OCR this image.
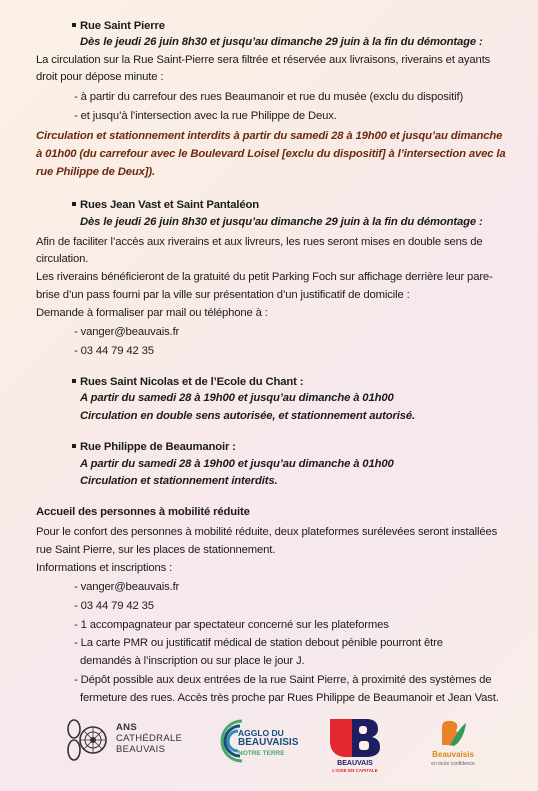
Rue Saint Pierre
Dès le jeudi 26 juin 8h30 et jusqu’au dimanche 29 juin à la fin du démontage :
La circulation sur la Rue Saint-Pierre sera filtrée et réservée aux livraisons, riverains et ayants
droit pour dépose minute :
- à partir du carrefour des rues Beaumanoir et rue du musée (exclu du dispositif)
- et jusqu’à l’intersection avec la rue Philippe de Deux.
Circulation et stationnement interdits à partir du samedi 28 à 19h00 et jusqu’au dimanche
à 01h00 (du carrefour avec le Boulevard Loisel [exclu du dispositif] à l’intersection avec la
rue Philippe de Deux]).
Rues Jean Vast et Saint Pantaléon
Dès le jeudi 26 juin 8h30 et jusqu’au dimanche 29 juin à la fin du démontage :
Afin de faciliter l’accès aux riverains et aux livreurs, les rues seront mises en double sens de
circulation.
Les riverains bénéficieront de la gratuité du petit Parking Foch sur affichage derrière leur pare-
brise d’un pass fourni par la ville sur présentation d’un justificatif de domicile :
Demande à formaliser par mail ou téléphone à :
- vanger@beauvais.fr
- 03 44 79 42 35
Rues Saint Nicolas et de l’Ecole du Chant :
A partir du samedi 28 à 19h00 et jusqu’au dimanche à 01h00
Circulation en double sens autorisée, et stationnement autorisé.
Rue Philippe de Beaumanoir :
A partir du samedi 28 à 19h00 et jusqu’au dimanche à 01h00
Circulation et stationnement interdits.
Accueil des personnes à mobilité réduite
Pour le confort des personnes à mobilité réduite, deux plateformes surélevées seront installées
rue Saint Pierre, sur les places de stationnement.
Informations et inscriptions :
- vanger@beauvais.fr
- 03 44 79 42 35
- 1 accompagnateur par spectateur concerné sur les plateformes
- La carte PMR ou justificatif médical de station debout pénible pourront être
demandés à l’inscription ou sur place le jour J.
- Dépôt possible aux deux entrées de la rue Saint Pierre, à proximité des systèmes de
fermeture des rues. Accès très proche par Rues Philippe de Beaumanoir et Jean Vast.
ANS
CATHÉDRALE
BEAUVAIS
AGGLO DU
BEAUVAISIS
NOTRE TERRE
BEAUVAIS
L’OISE EN CAPITALE
Beauvaisis
en toute confidence
